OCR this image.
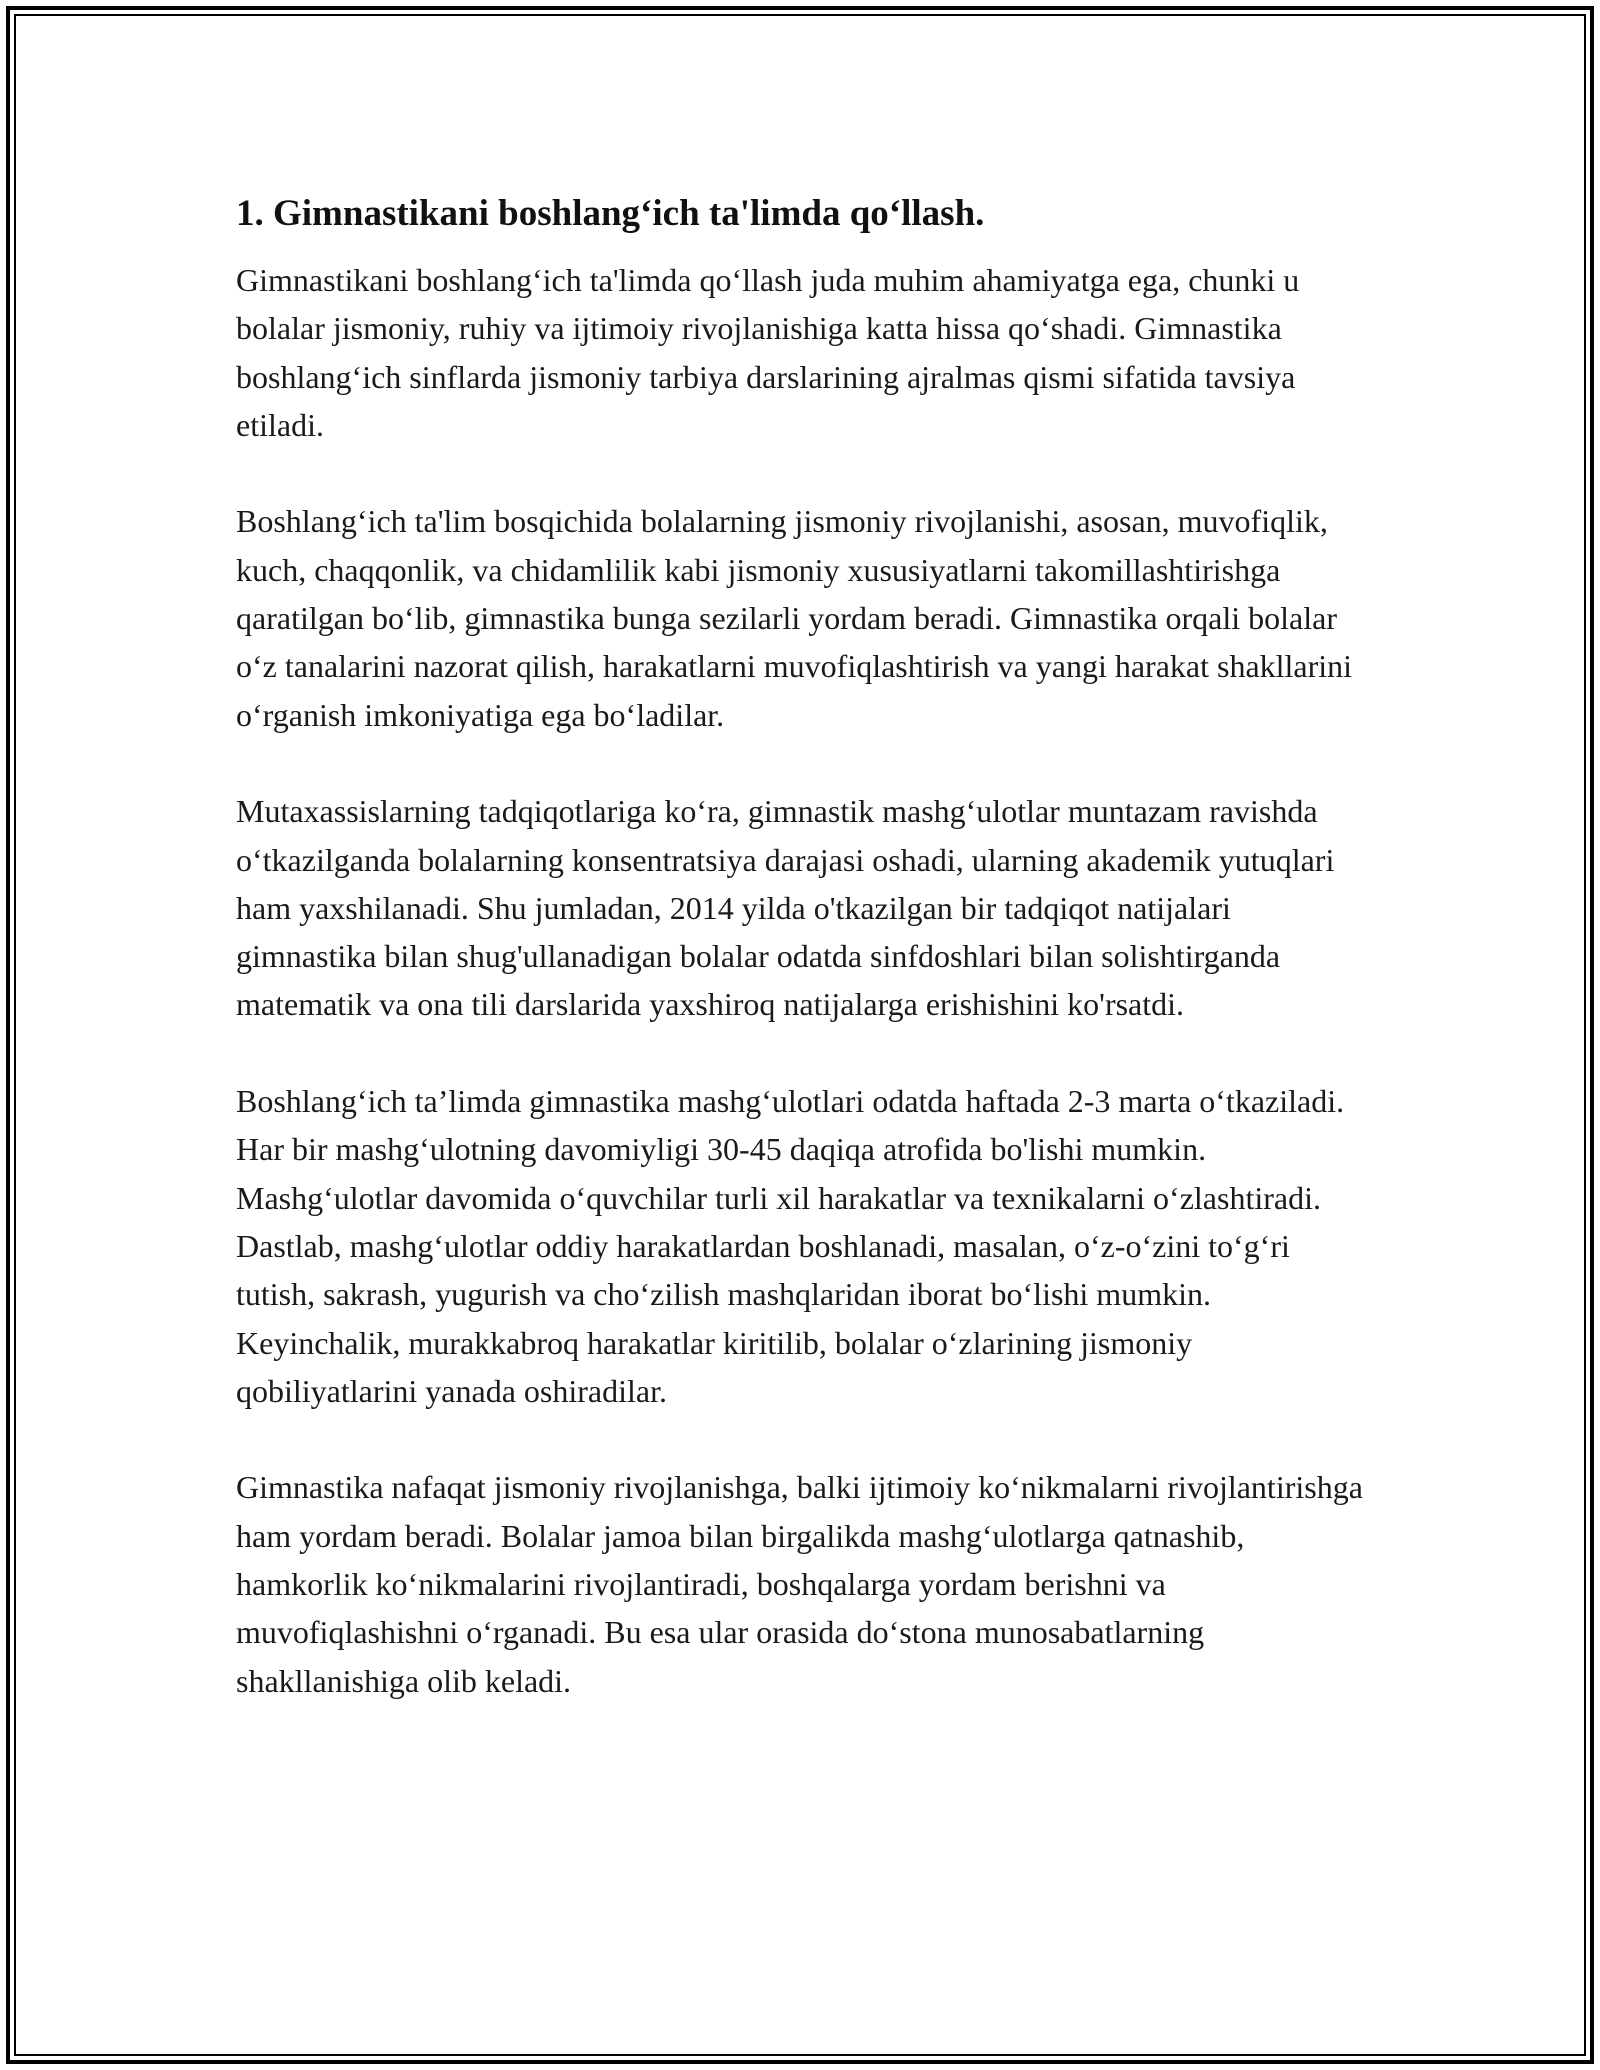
1. Gimnastikani boshlang‘ich ta'limda qo‘llash.

Gimnastikani boshlang‘ich ta'limda qo‘llash juda muhim ahamiyatga ega, chunki u bolalar jismoniy, ruhiy va ijtimoiy rivojlanishiga katta hissa qo‘shadi. Gimnastika boshlang‘ich sinflarda jismoniy tarbiya darslarining ajralmas qismi sifatida tavsiya etiladi.

Boshlang‘ich ta'lim bosqichida bolalarning jismoniy rivojlanishi, asosan, muvofiqlik, kuch, chaqqonlik, va chidamlilik kabi jismoniy xususiyatlarni takomillashtirishga qaratilgan bo‘lib, gimnastika bunga sezilarli yordam beradi. Gimnastika orqali bolalar o‘z tanalarini nazorat qilish, harakatlarni muvofiqlashtirish va yangi harakat shakllarini o‘rganish imkoniyatiga ega bo‘ladilar.

Mutaxassislarning tadqiqotlariga ko‘ra, gimnastik mashg‘ulotlar muntazam ravishda o‘tkazilganda bolalarning konsentratsiya darajasi oshadi, ularning akademik yutuqlari ham yaxshilanadi. Shu jumladan, 2014 yilda o'tkazilgan bir tadqiqot natijalari gimnastika bilan shug'ullanadigan bolalar odatda sinfdoshlari bilan solishtirganda matematik va ona tili darslarida yaxshiroq natijalarga erishishini ko'rsatdi.

Boshlang‘ich ta’limda gimnastika mashg‘ulotlari odatda haftada 2-3 marta o‘tkaziladi. Har bir mashg‘ulotning davomiyligi 30-45 daqiqa atrofida bo'lishi mumkin. Mashg‘ulotlar davomida o‘quvchilar turli xil harakatlar va texnikalarni o‘zlashtiradi. Dastlab, mashg‘ulotlar oddiy harakatlardan boshlanadi, masalan, o‘z-o‘zini to‘g‘ri tutish, sakrash, yugurish va cho‘zilish mashqlaridan iborat bo‘lishi mumkin. Keyinchalik, murakkabroq harakatlar kiritilib, bolalar o‘zlarining jismoniy qobiliyatlarini yanada oshiradilar.

Gimnastika nafaqat jismoniy rivojlanishga, balki ijtimoiy ko‘nikmalarni rivojlantirishga ham yordam beradi. Bolalar jamoa bilan birgalikda mashg‘ulotlarga qatnashib, hamkorlik ko‘nikmalarini rivojlantiradi, boshqalarga yordam berishni va muvofiqlashishni o‘rganadi. Bu esa ular orasida do‘stona munosabatlarning shakllanishiga olib keladi.
